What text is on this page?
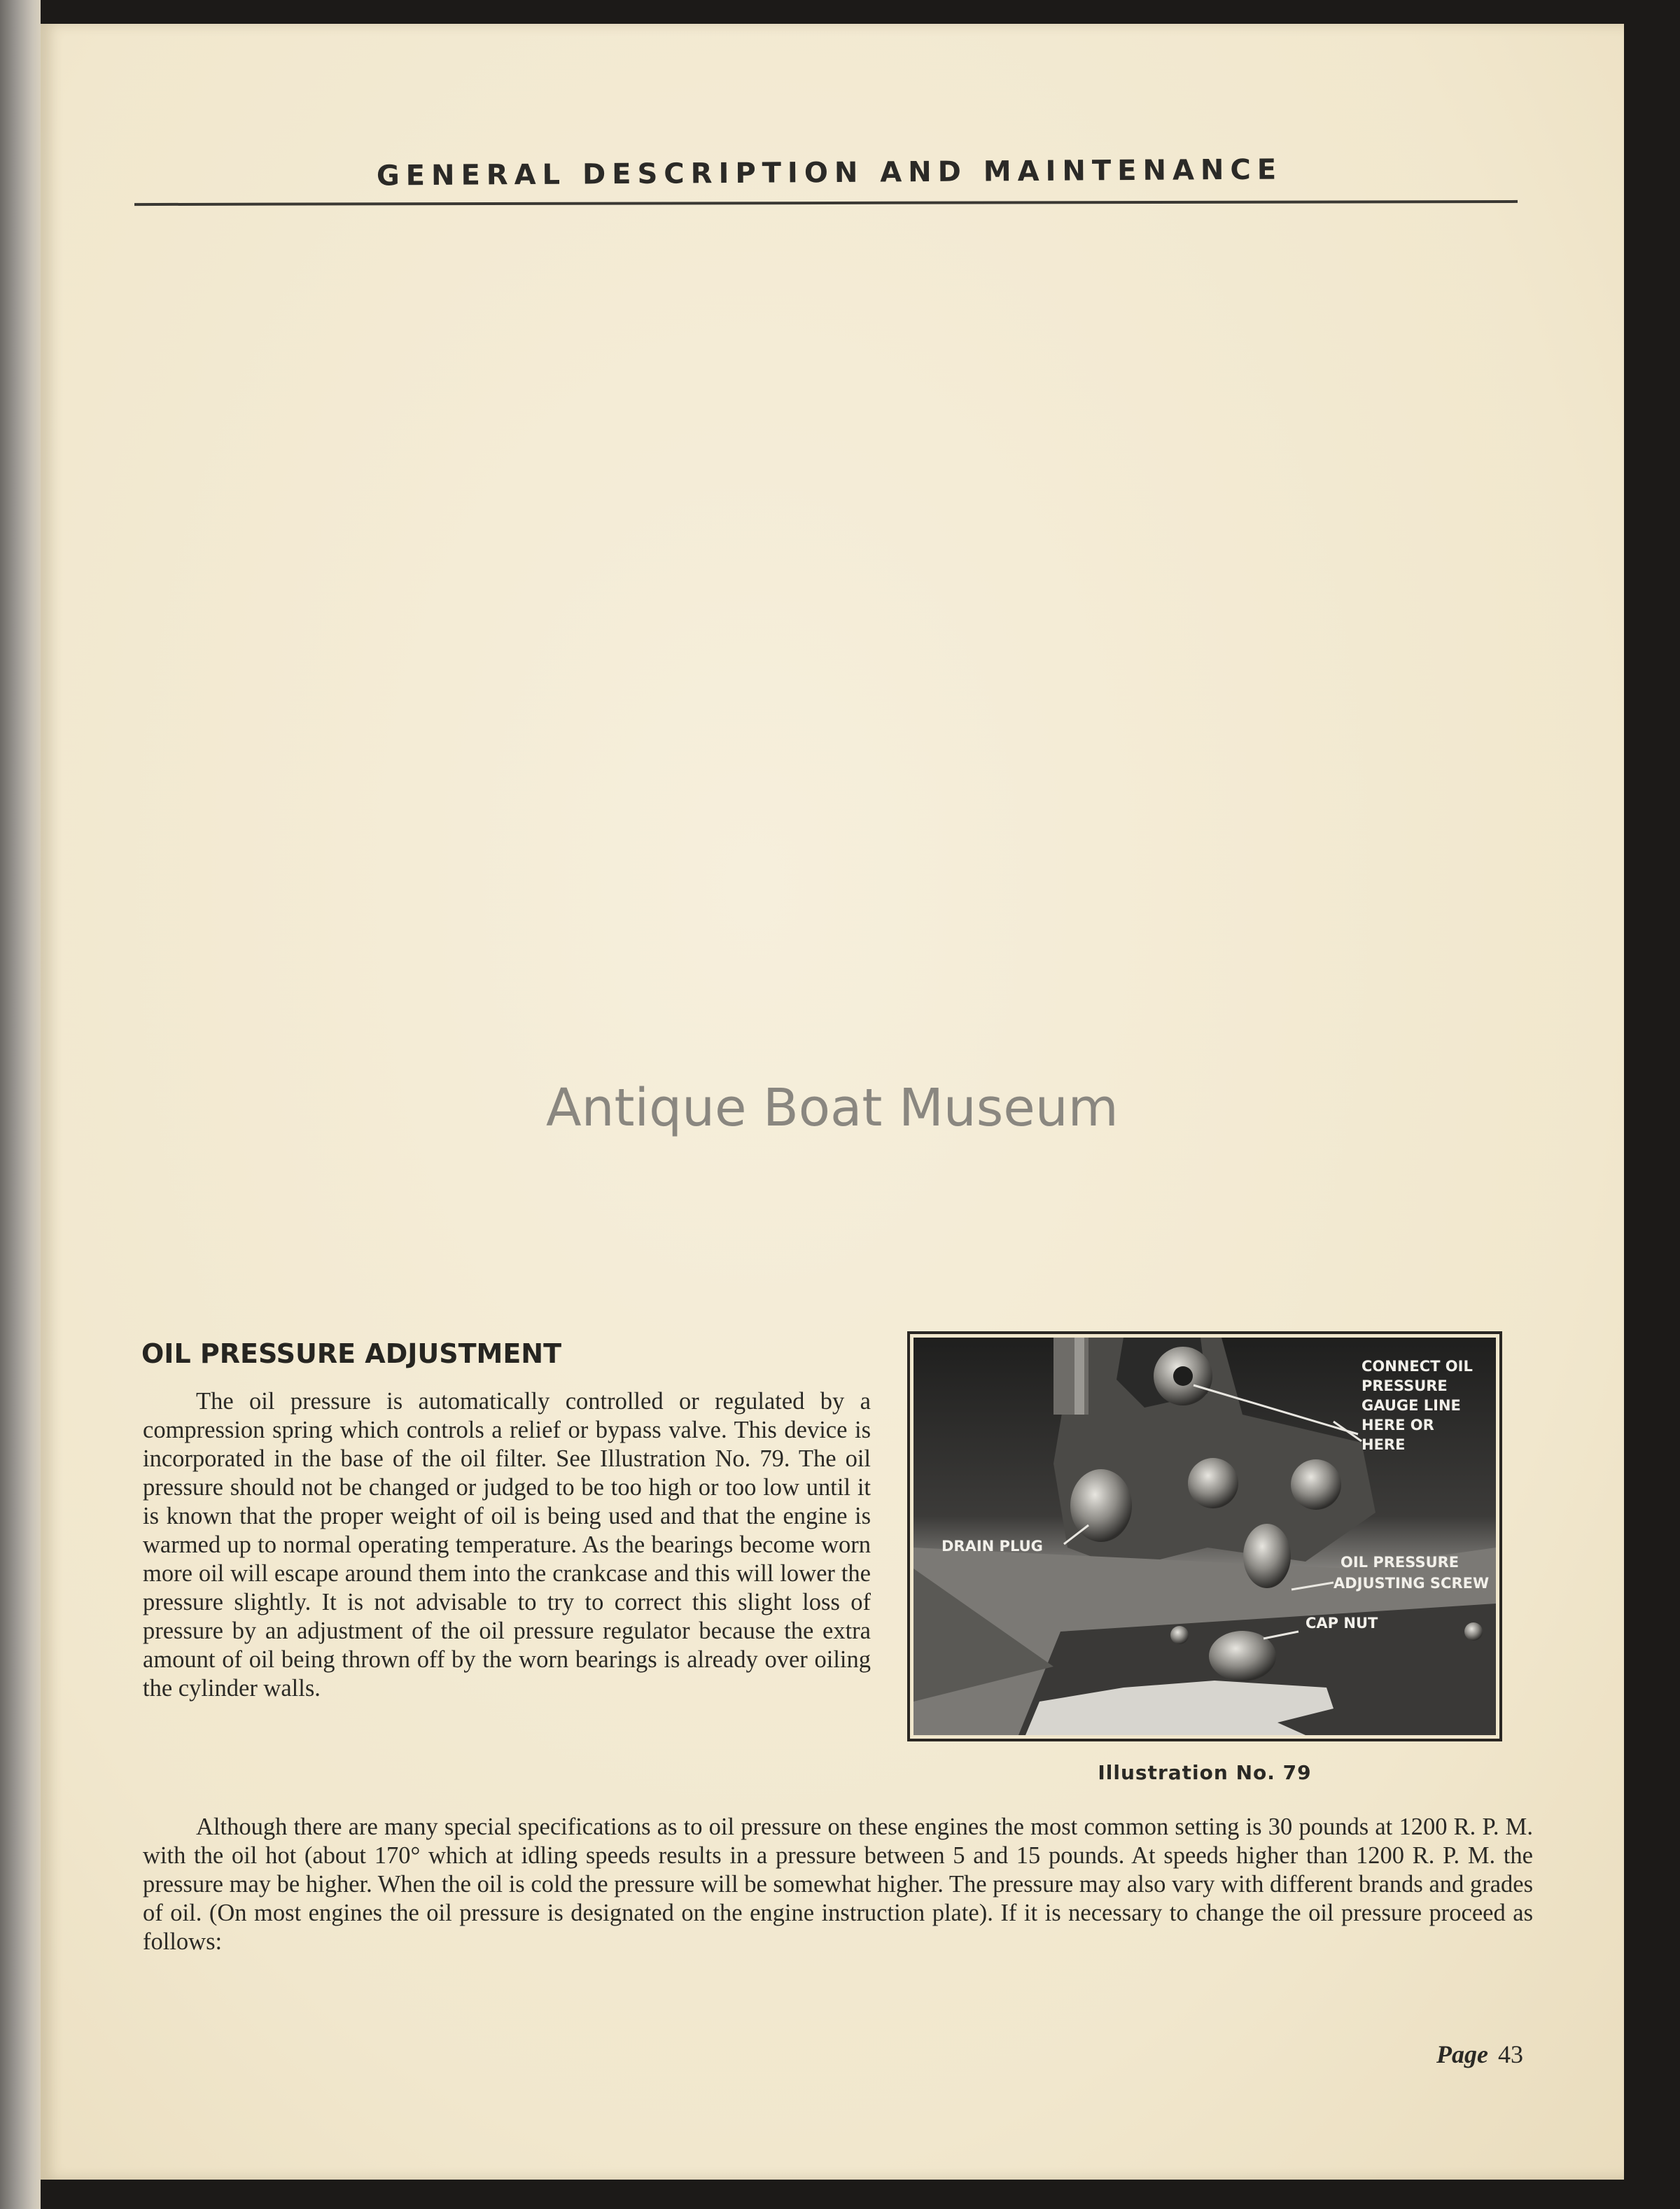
GENERAL DESCRIPTION AND MAINTENANCE
Antique Boat Museum
OIL PRESSURE ADJUSTMENT

The oil pressure is automatically controlled or regulated by a compression spring which controls a relief or bypass valve. This device is incorporated in the base of the oil filter. See Illustration No. 79. The oil pressure should not be changed or judged to be too high or too low until it is known that the proper weight of oil is being used and that the engine is warmed up to normal operating temperature. As the bearings become worn more oil will escape around them into the crankcase and this will lower the pressure slightly. It is not advisable to try to correct this slight loss of pressure by an adjustment of the oil pressure regulator because the extra amount of oil being thrown off by the worn bearings is already over oiling the cylinder walls.

CONNECT OIL
PRESSURE
GAUGE LINE
HERE OR
HERE
DRAIN PLUG
OIL PRESSURE
ADJUSTING SCREW
CAP NUT
Illustration No. 79

Although there are many special specifications as to oil pressure on these engines the most common setting is 30 pounds at 1200 R. P. M. with the oil hot (about 170° which at idling speeds results in a pressure between 5 and 15 pounds. At speeds higher than 1200 R. P. M. the pressure may be higher. When the oil is cold the pressure will be somewhat higher. The pressure may also vary with different brands and grades of oil. (On most engines the oil pressure is designated on the engine instruction plate). If it is necessary to change the oil pressure proceed as follows:

Page 43
